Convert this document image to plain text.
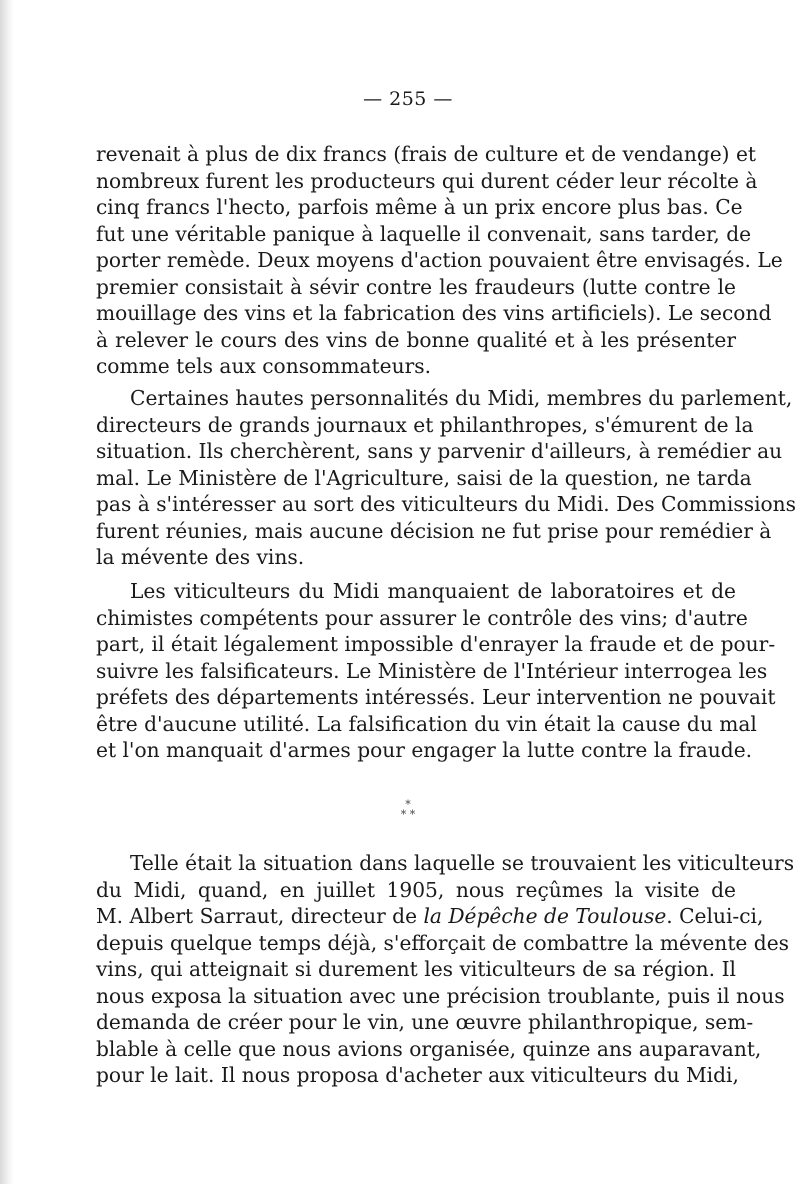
— 255 —
revenait à plus de dix francs (frais de culture et de vendange) et
nombreux furent les producteurs qui durent céder leur récolte à
cinq francs l'hecto, parfois même à un prix encore plus bas. Ce
fut une véritable panique à laquelle il convenait, sans tarder, de
porter remède. Deux moyens d'action pouvaient être envisagés. Le
premier consistait à sévir contre les fraudeurs (lutte contre le
mouillage des vins et la fabrication des vins artificiels). Le second
à relever le cours des vins de bonne qualité et à les présenter
comme tels aux consommateurs.
Certaines hautes personnalités du Midi, membres du parlement,
directeurs de grands journaux et philanthropes, s'émurent de la
situation. Ils cherchèrent, sans y parvenir d'ailleurs, à remédier au
mal. Le Ministère de l'Agriculture, saisi de la question, ne tarda
pas à s'intéresser au sort des viticulteurs du Midi. Des Commissions
furent réunies, mais aucune décision ne fut prise pour remédier à
la mévente des vins.
Les viticulteurs du Midi manquaient de laboratoires et de
chimistes compétents pour assurer le contrôle des vins; d'autre
part, il était légalement impossible d'enrayer la fraude et de pour-
suivre les falsificateurs. Le Ministère de l'Intérieur interrogea les
préfets des départements intéressés. Leur intervention ne pouvait
être d'aucune utilité. La falsification du vin était la cause du mal
et l'on manquait d'armes pour engager la lutte contre la fraude.
*
* *
Telle était la situation dans laquelle se trouvaient les viticulteurs
du Midi, quand, en juillet 1905, nous reçûmes la visite de
M. Albert Sarraut, directeur de la Dépêche de Toulouse. Celui-ci,
depuis quelque temps déjà, s'efforçait de combattre la mévente des
vins, qui atteignait si durement les viticulteurs de sa région. Il
nous exposa la situation avec une précision troublante, puis il nous
demanda de créer pour le vin, une œuvre philanthropique, sem-
blable à celle que nous avions organisée, quinze ans auparavant,
pour le lait. Il nous proposa d'acheter aux viticulteurs du Midi,
